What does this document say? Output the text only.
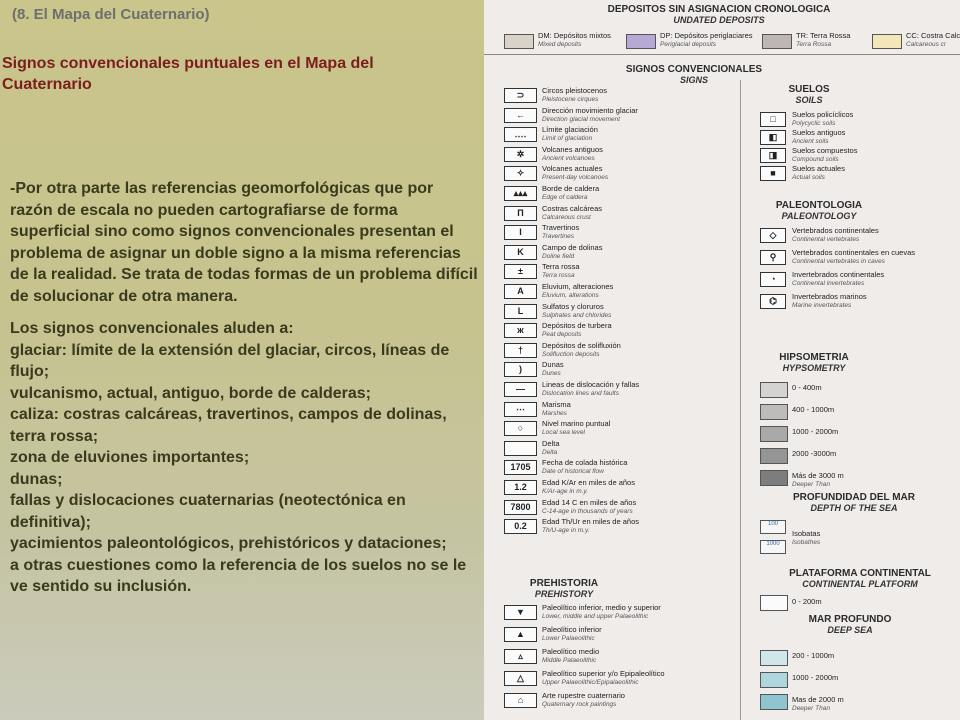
(8. El Mapa del Cuaternario)
Signos convencionales puntuales en el Mapa del Cuaternario

-Por otra parte las referencias geomorfológicas que por razón de escala no pueden cartografiarse de forma superficial sino como signos convencionales presentan el problema de asignar un doble signo a la misma referencias de la realidad. Se trata de todas formas de un problema difícil de solucionar de otra manera.

Los signos convencionales aluden a:

glaciar: límite de la extensión del glaciar, circos, líneas de flujo;

vulcanismo, actual, antiguo, borde de calderas;

caliza: costras calcáreas, travertinos, campos de dolinas, terra rossa;

zona de eluviones importantes;

dunas;

fallas y dislocaciones cuaternarias (neotectónica en definitiva);

yacimientos paleontológicos, prehistóricos y dataciones;

a otras cuestiones como la referencia de los suelos no se le ve sentido su inclusión.

DEPOSITOS SIN ASIGNACION CRONOLOGICA
UNDATED DEPOSITS
DM: Depósitos mixtos
Mixed deposits
DP: Depósitos periglaciares
Periglacial deposits
TR: Terra Rossa
Terra Rossa
CC: Costra Calc
Calcareous cr
SIGNOS CONVENCIONALES
SIGNS
⊃	Circos pleistocenos
Pleistocene cirques
←	Dirección movimiento glaciar
Direction glacial movement
‥‥	Límite glaciación
Limit of glaciation
✲	Volcanes antiguos
Ancient volcanoes
✧	Volcanes actuales
Present-day volcanoes
▴▴▴	Borde de caldera
Edge of caldera
П	Costras calcáreas
Calcareous crust
I	Travertinos
Travertines
K	Campo de dolinas
Doline field
±	Terra rossa
Terra rossa
A	Eluvium, alteraciones
Eluvium, alterations
L	Sulfatos y cloruros
Sulphates and chlorides
ж	Depósitos de turbera
Peat deposits
†	Depósitos de solifluxión
Solifluction deposits
)	Dunas
Dunes
—	Lineas de dislocación y fallas
Dislocation lines and faults
⋯	Marisma
Marshes
○	Nivel marino puntual
Local sea level
Delta
Delta
1705	Fecha de colada histórica
Date of historical flow
1.2	Edad K/Ar en miles de años
K/Ar-age in m.y.
7800	Edad 14 C en miles de años
C-14-age in thousands of years
0.2	Edad Th/Ur en miles de años
Th/U-age in m.y.
PREHISTORIA
PREHISTORY
▼	Paleolítico inferior, medio y superior
Lower, middle and upper Palaeolithic
▲	Paleolítico inferior
Lower Palaeolithic
▵	Paleolítico medio
Middle Palaeolithic
△	Paleolítico superior y/o Epipaleolítico
Upper Palaeolithic/Epipalaeolithic
⌂	Arte rupestre cuaternario
Quaternary rock paintings
SUELOS
SOILS
□	Suelos policíclicos
Polycyclic soils
◧	Suelos antiguos
Ancient soils
◨	Suelos compuestos
Compound soils
■	Suelos actuales
Actual soils
PALEONTOLOGIA
PALEONTOLOGY
◇	Vertebrados continentales
Continental vertebrates
⚲	Vertebrados continentales en cuevas
Continental vertebrates in caves
◔	Invertebrados continentales
Continental invertebrates
⌬	Invertebrados marinos
Marine invertebrates
HIPSOMETRIA
HYPSOMETRY
0 - 400m
400 - 1000m
1000 - 2000m
2000 -3000m
Más de 3000 m
Deeper Than
PROFUNDIDAD DEL MAR
DEPTH OF THE SEA
100
1000
Isobatas
Isobathes
PLATAFORMA CONTINENTAL
CONTINENTAL PLATFORM
0 - 200m
MAR PROFUNDO
DEEP SEA
200 - 1000m
1000 - 2000m
Mas de 2000 m
Deeper Than
